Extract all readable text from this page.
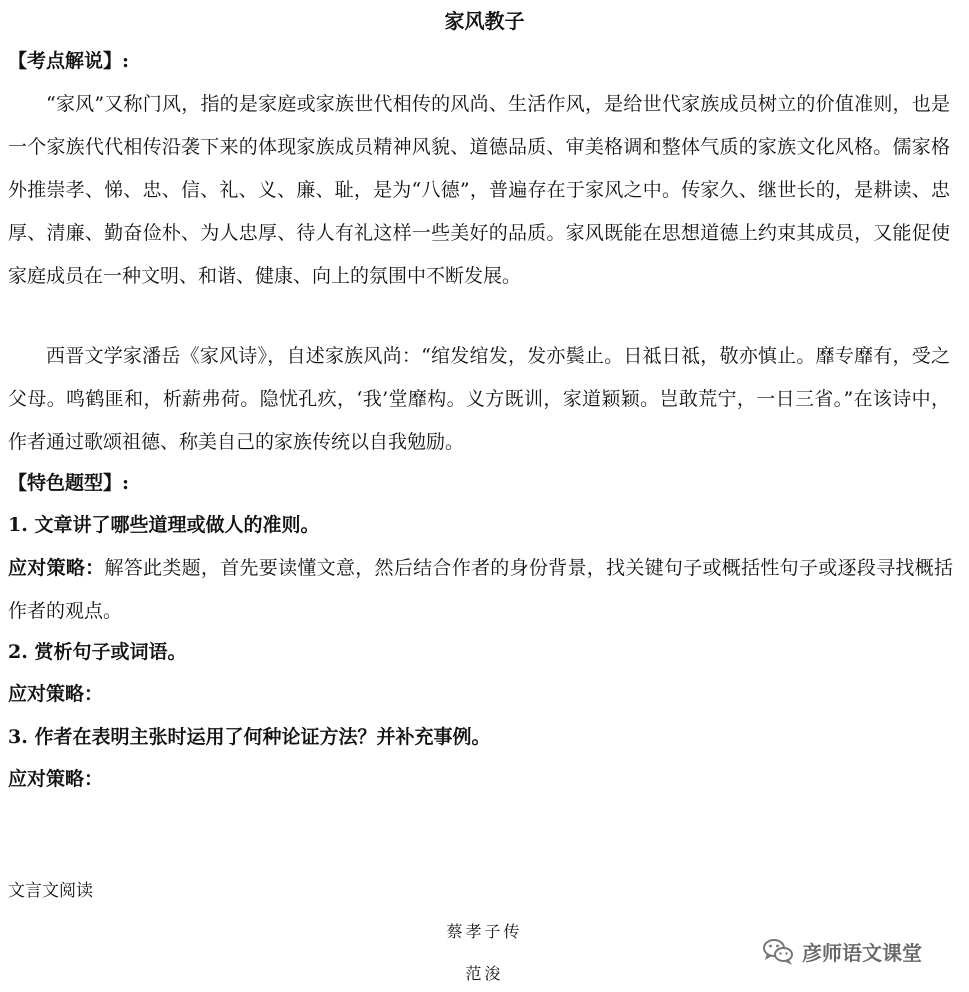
家风教子
【考点解说】:

“家风”又称门风，指的是家庭或家族世代相传的风尚、生活作风，是给世代家族成员树立的价值准则，也是一个家族代代相传沿袭下来的体现家族成员精神风貌、道德品质、审美格调和整体气质的家族文化风格。儒家格外推崇孝、悌、忠、信、礼、义、廉、耻，是为“八德”，普遍存在于家风之中。传家久、继世长的，是耕读、忠厚、清廉、勤奋俭朴、为人忠厚、待人有礼这样一些美好的品质。家风既能在思想道德上约束其成员，又能促使家庭成员在一种文明、和谐、健康、向上的氛围中不断发展。

西晋文学家潘岳《家风诗》，自述家族风尚：“绾发绾发，发亦鬓止。日祗日祗，敬亦慎止。靡专靡有，受之父母。鸣鹤匪和，析薪弗荷。隐忧孔疚，‘我’堂靡构。义方既训，家道颖颖。岂敢荒宁，一日三省。”在该诗中，作者通过歌颂祖德、称美自己的家族传统以自我勉励。

【特色题型】:

1. 文章讲了哪些道理或做人的准则。

应对策略：解答此类题，首先要读懂文意，然后结合作者的身份背景，找关键句子或概括性句子或逐段寻找概括作者的观点。

2. 赏析句子或词语。

应对策略：

3. 作者在表明主张时运用了何种论证方法？并补充事例。

应对策略：

文言文阅读
蔡孝子传
范浚
彦师语文课堂
